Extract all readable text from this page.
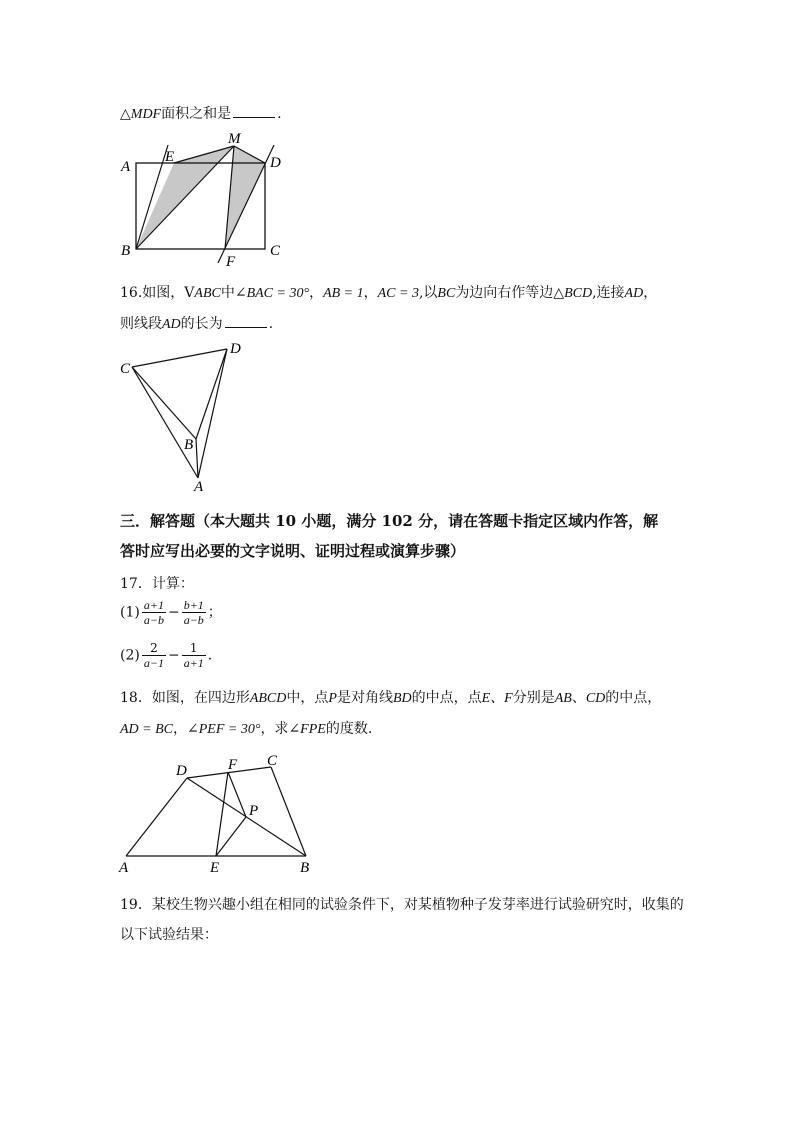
△MDF面积之和是	.
A
E
M
D
B
F
C
16.如图，VABC中∠BAC = 30°，AB = 1，AC = 3,以BC为边向右作等边△BCD,连接AD，
则线段AD的长为	.
C
D
B
A
三．解答题（本大题共 10 小题，满分 102 分，请在答题卡指定区域内作答，解
答时应写出必要的文字说明、证明过程或演算步骤）
17．计算：
$(1) \frac{a+1}{a-b} - \frac{b+1}{a-b}$ ；
$(2) \frac{2}{a-1} - \frac{1}{a+1}$ .
18．如图，在四边形ABCD中，点P是对角线BD的中点，点E、F分别是AB、CD的中点，
AD = BC，∠PEF = 30°，求∠FPE的度数.
D	F C
P
A	E	B
19．某校生物兴趣小组在相同的试验条件下，对某植物种子发芽率进行试验研究时，收集的
以下试验结果：
